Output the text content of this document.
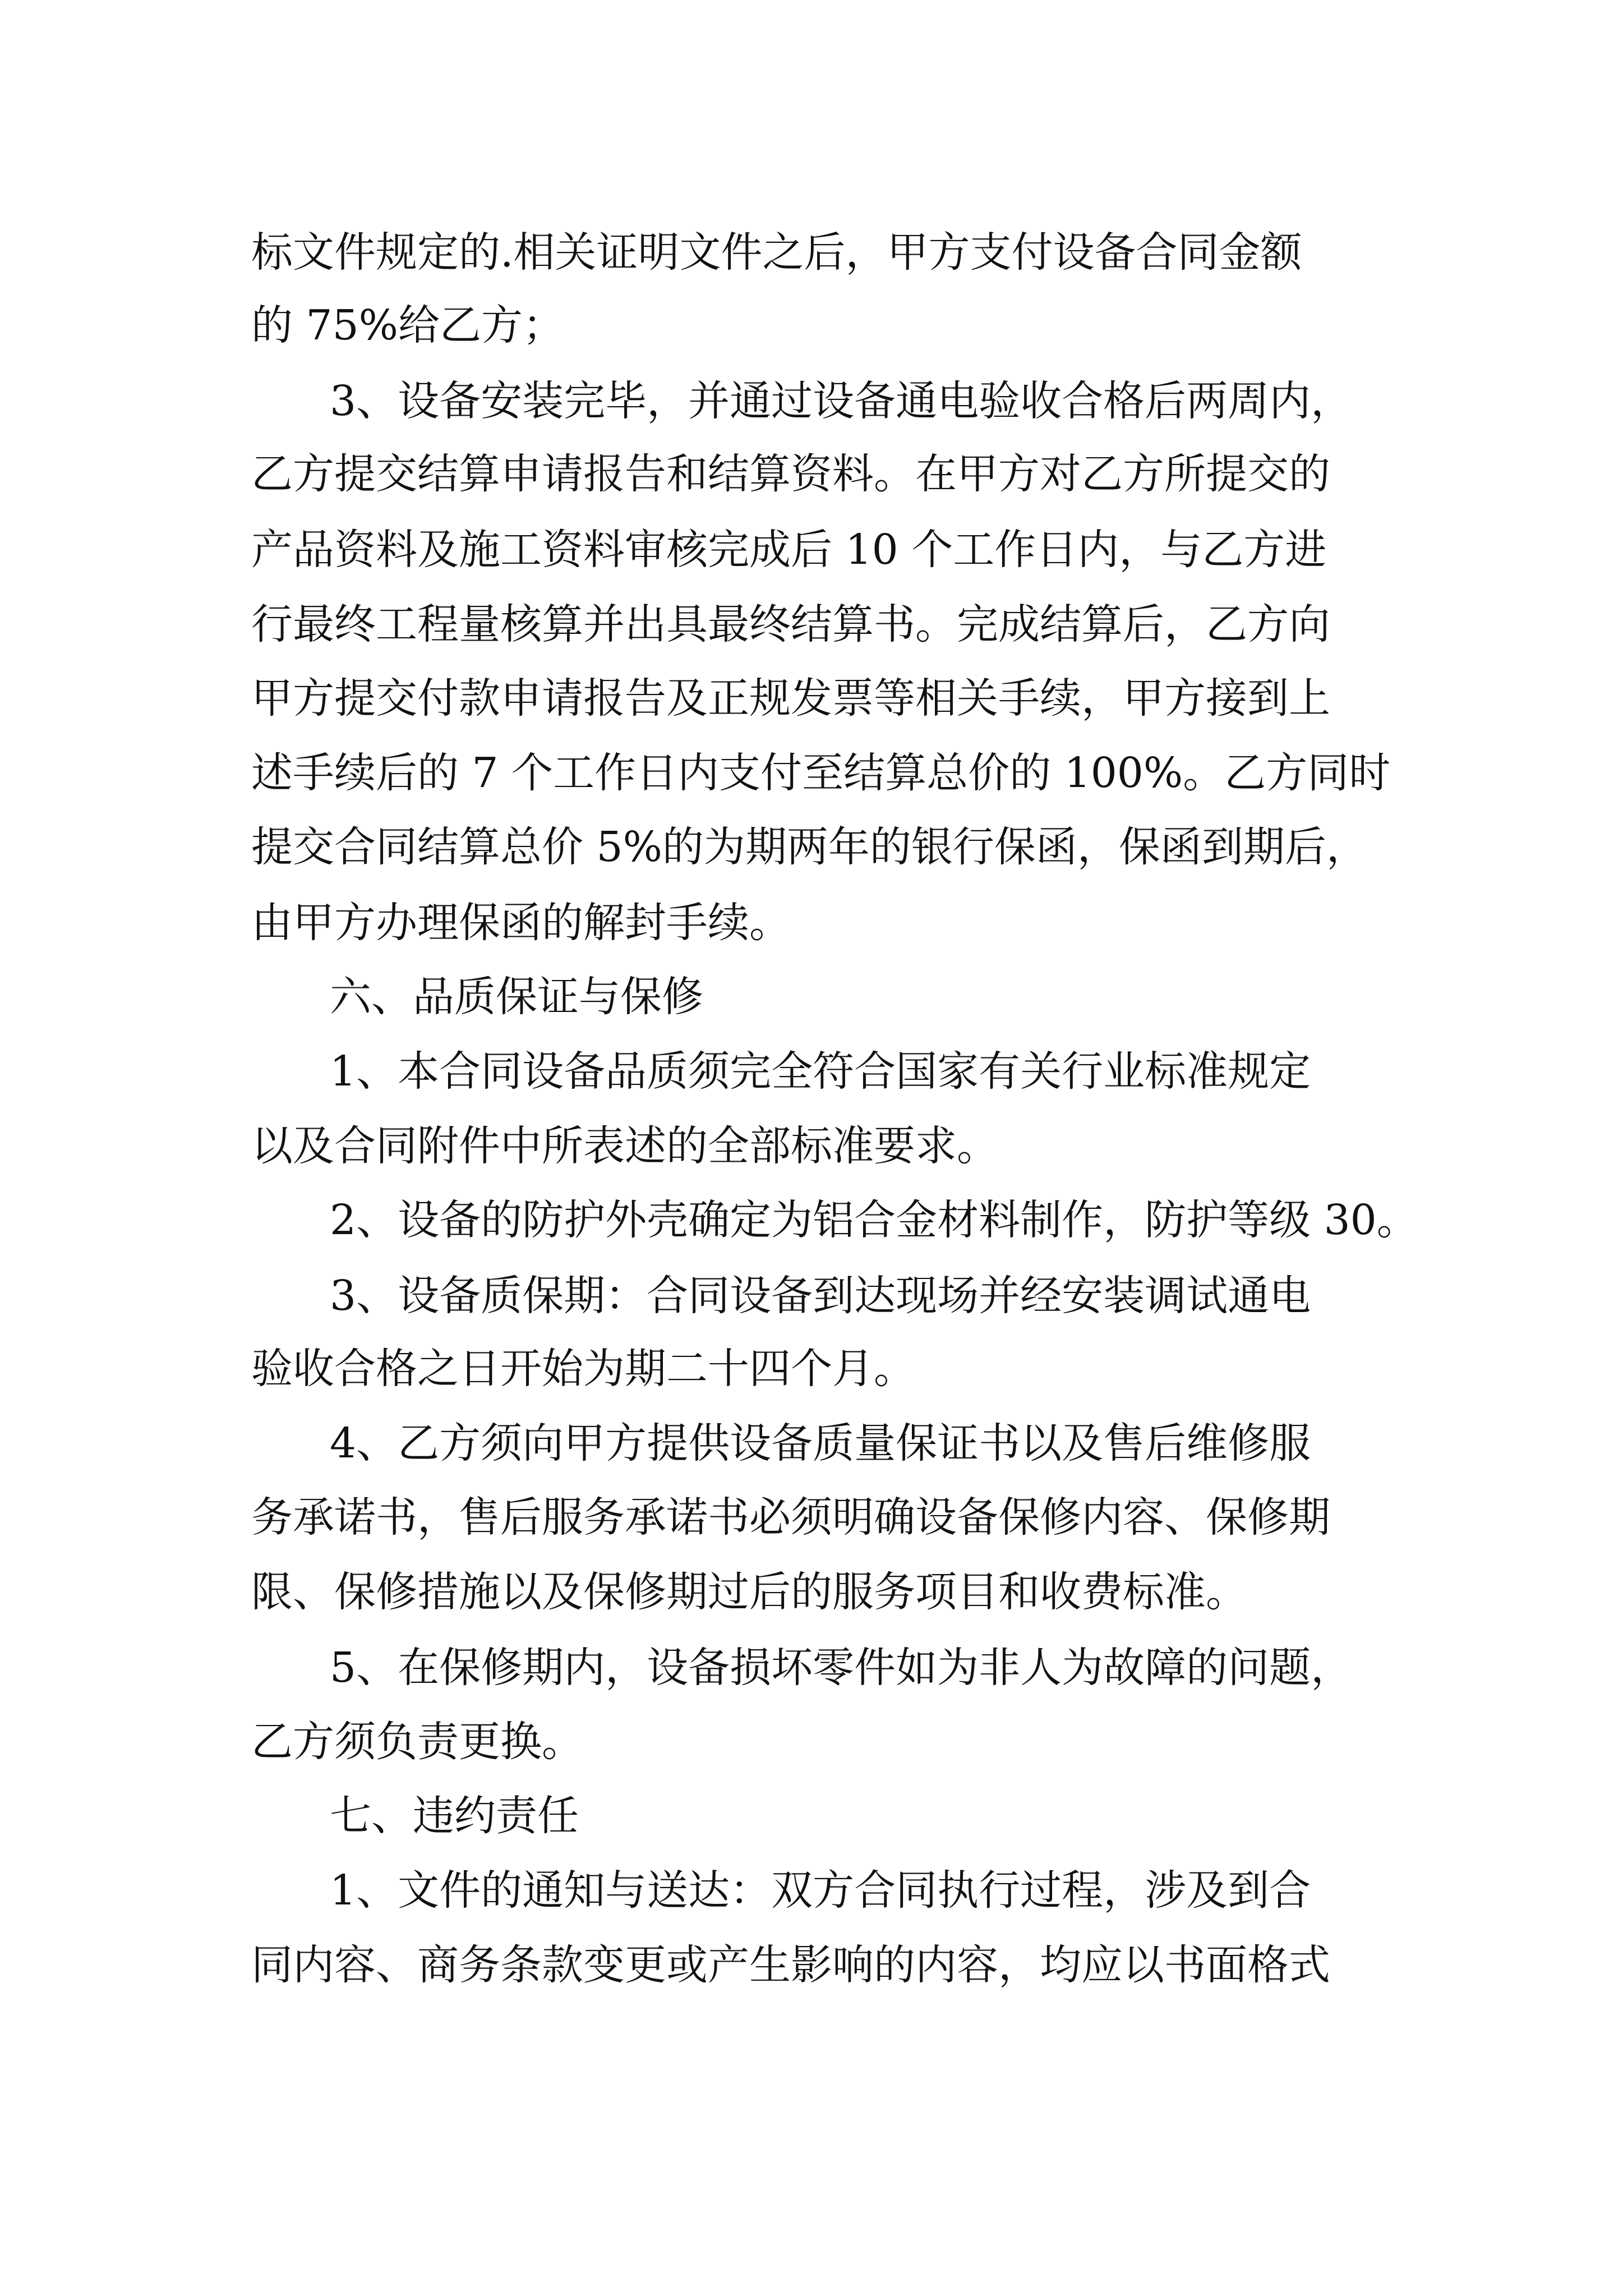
标文件规定的.相关证明文件之后，甲方支付设备合同金额

的 75%给乙方；

3、设备安装完毕，并通过设备通电验收合格后两周内，

乙方提交结算申请报告和结算资料。在甲方对乙方所提交的

产品资料及施工资料审核完成后 10 个工作日内，与乙方进

行最终工程量核算并出具最终结算书。完成结算后，乙方向

甲方提交付款申请报告及正规发票等相关手续，甲方接到上

述手续后的 7 个工作日内支付至结算总价的 100%。乙方同时

提交合同结算总价 5%的为期两年的银行保函，保函到期后，

由甲方办理保函的解封手续。

六、品质保证与保修

1、本合同设备品质须完全符合国家有关行业标准规定

以及合同附件中所表述的全部标准要求。

2、设备的防护外壳确定为铝合金材料制作，防护等级 30。

3、设备质保期：合同设备到达现场并经安装调试通电

验收合格之日开始为期二十四个月。

4、乙方须向甲方提供设备质量保证书以及售后维修服

务承诺书，售后服务承诺书必须明确设备保修内容、保修期

限、保修措施以及保修期过后的服务项目和收费标准。

5、在保修期内，设备损坏零件如为非人为故障的问题，

乙方须负责更换。

七、违约责任

1、文件的通知与送达：双方合同执行过程，涉及到合

同内容、商务条款变更或产生影响的内容，均应以书面格式
